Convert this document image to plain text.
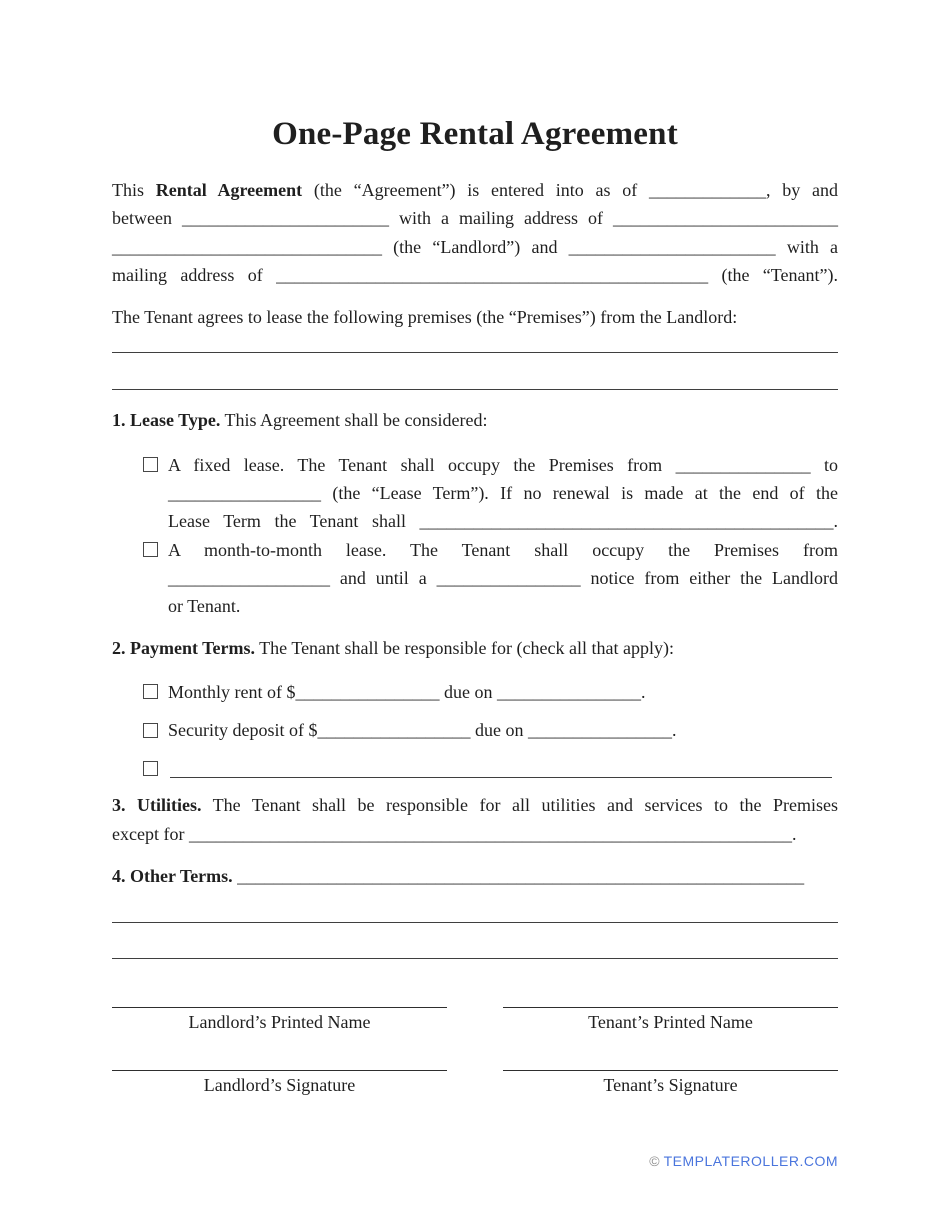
One-Page Rental Agreement
This Rental Agreement (the “Agreement”) is entered into as of _____________, by and
between _______________________ with a mailing address of _________________________
______________________________ (the “Landlord”) and _______________________ with a
mailing address of ________________________________________________ (the “Tenant”).
The Tenant agrees to lease the following premises (the “Premises”) from the Landlord:
1. Lease Type. This Agreement shall be considered:
A fixed lease. The Tenant shall occupy the Premises from _______________ to
_________________ (the “Lease Term”). If no renewal is made at the end of the
Lease Term the Tenant shall ______________________________________________.
A month-to-month lease. The Tenant shall occupy the Premises from
__________________ and until a ________________ notice from either the Landlord
or Tenant.
2. Payment Terms. The Tenant shall be responsible for (check all that apply):
Monthly rent of $________________ due on ________________.
Security deposit of $_________________ due on ________________.
3. Utilities. The Tenant shall be responsible for all utilities and services to the Premises
except for ___________________________________________________________________.
4. Other Terms. _______________________________________________________________
Landlord’s Printed Name	Tenant’s Printed Name
Landlord’s Signature	Tenant’s Signature
© TEMPLATEROLLER.COM
